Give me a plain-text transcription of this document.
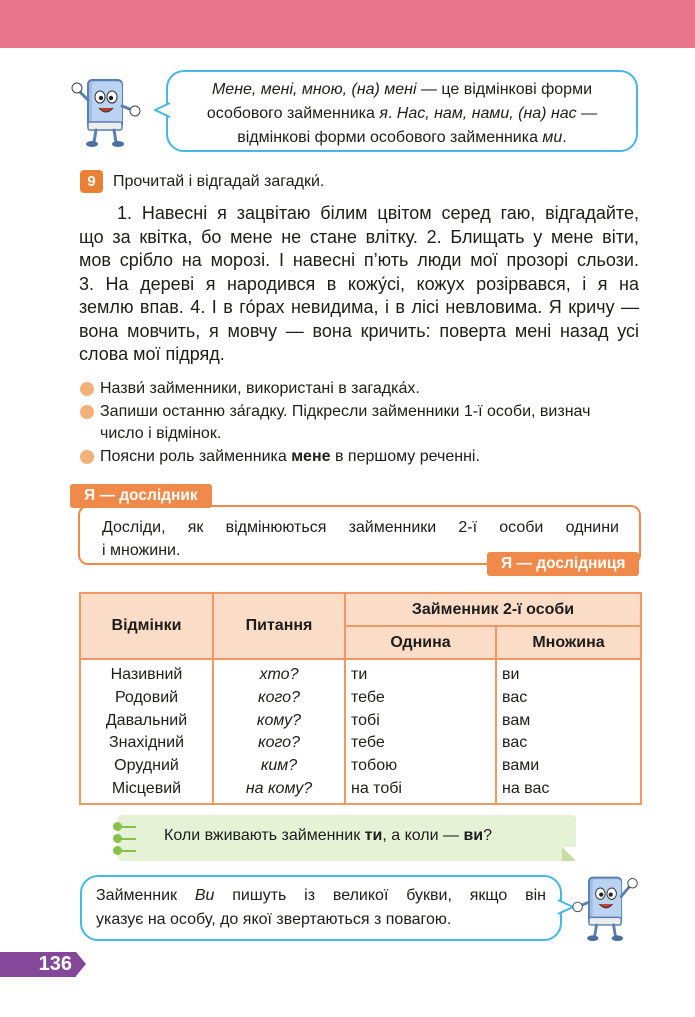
Мене, мені, мною, (на) мені — це відмінкові форми
особового займенника я. Нас, нам, нами, (на) нас —
відмінкові форми особового займенника ми.
9	Прочитай і відгадай загадки́.
1. Навесні я зацвітаю білим цвітом серед гаю, відгадайте,
що за квітка, бо мене не стане влітку. 2. Блищать у мене віти,
мов срібло на морозі. І навесні п’ють люди мої прозорі сльози.
3. На дереві я народився в кожу́сі, кожух розірвався, і я на
землю впав. 4. І в го́рах невидима, і в лісі невловима. Я кричу —
вона мовчить, я мовчу — вона кричить: поверта мені назад усі
слова мої підряд.
Назви́ займенники, використані в загадка́х.
Запиши останню за́гадку. Підкресли займенники 1-ї особи, визнач
число і відмінок.
Поясни роль займенника мене в першому реченні.
Досліди, як відмінюються займенники 2-ї особи однини
і множини.
Я — дослідник
Я — дослідниця
Відмінки	Питання	Займенник 2-ї особи	
		Однина	Множина
Називний	хто?	ти	ви
Родовий	кого?	тебе	вас
Давальний	кому?	тобі	вам
Знахідний	кого?	тебе	вас
Орудний	ким?	тобою	вами
Місцевий	на кому?	на тобі	на вас
Коли вживають займенник ти, а коли — ви?
Займенник Ви пишуть із великої букви, якщо він
указує на особу, до якої звертаються з повагою.
136
